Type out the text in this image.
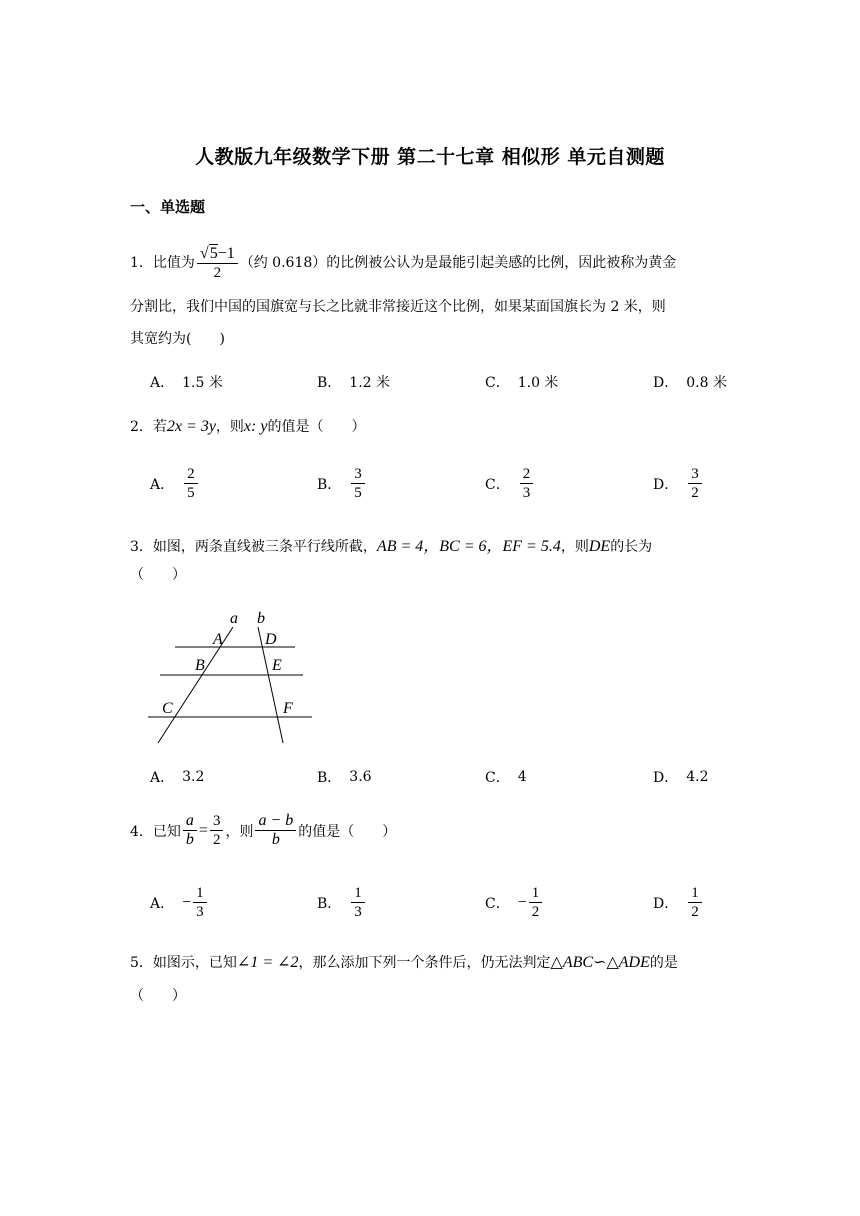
人教版九年级数学下册 第二十七章 相似形 单元自测题
一、单选题
1．比值为 $\frac{√5-1}{2}$ （约 0.618）的比例被公认为是最能引起美感的比例，因此被称为黄金
分割比，我们中国的国旗宽与长之比就非常接近这个比例，如果某面国旗长为 2 米，则
其宽约为(　　)
A． 1.5 米	B． 1.2 米	C． 1.0 米	D． 0.8 米
2．若2x = 3y，则x: y的值是（　　）
A． $\frac{2}{5}$	B． $\frac{3}{5}$	C． $\frac{2}{3}$	D． $\frac{3}{2}$
3．如图，两条直线被三条平行线所截，AB = 4，BC = 6，EF = 5.4，则DE的长为
（　　）
a b
A	D
B	E
C	F
A． 3.2	B． 3.6	C． 4	D． 4.2
4． 已知 $\frac{a}{b} = \frac{3}{2}$ ，则 $\frac{a - b}{b}$ 的值是（　　）
A． − $\frac{1}{3}$	B． $\frac{1}{3}$	C． − $\frac{1}{2}$	D． $\frac{1}{2}$
5．如图示，已知∠1 = ∠2，那么添加下列一个条件后，仍无法判定△ABC∽△ADE的是
（　　）
